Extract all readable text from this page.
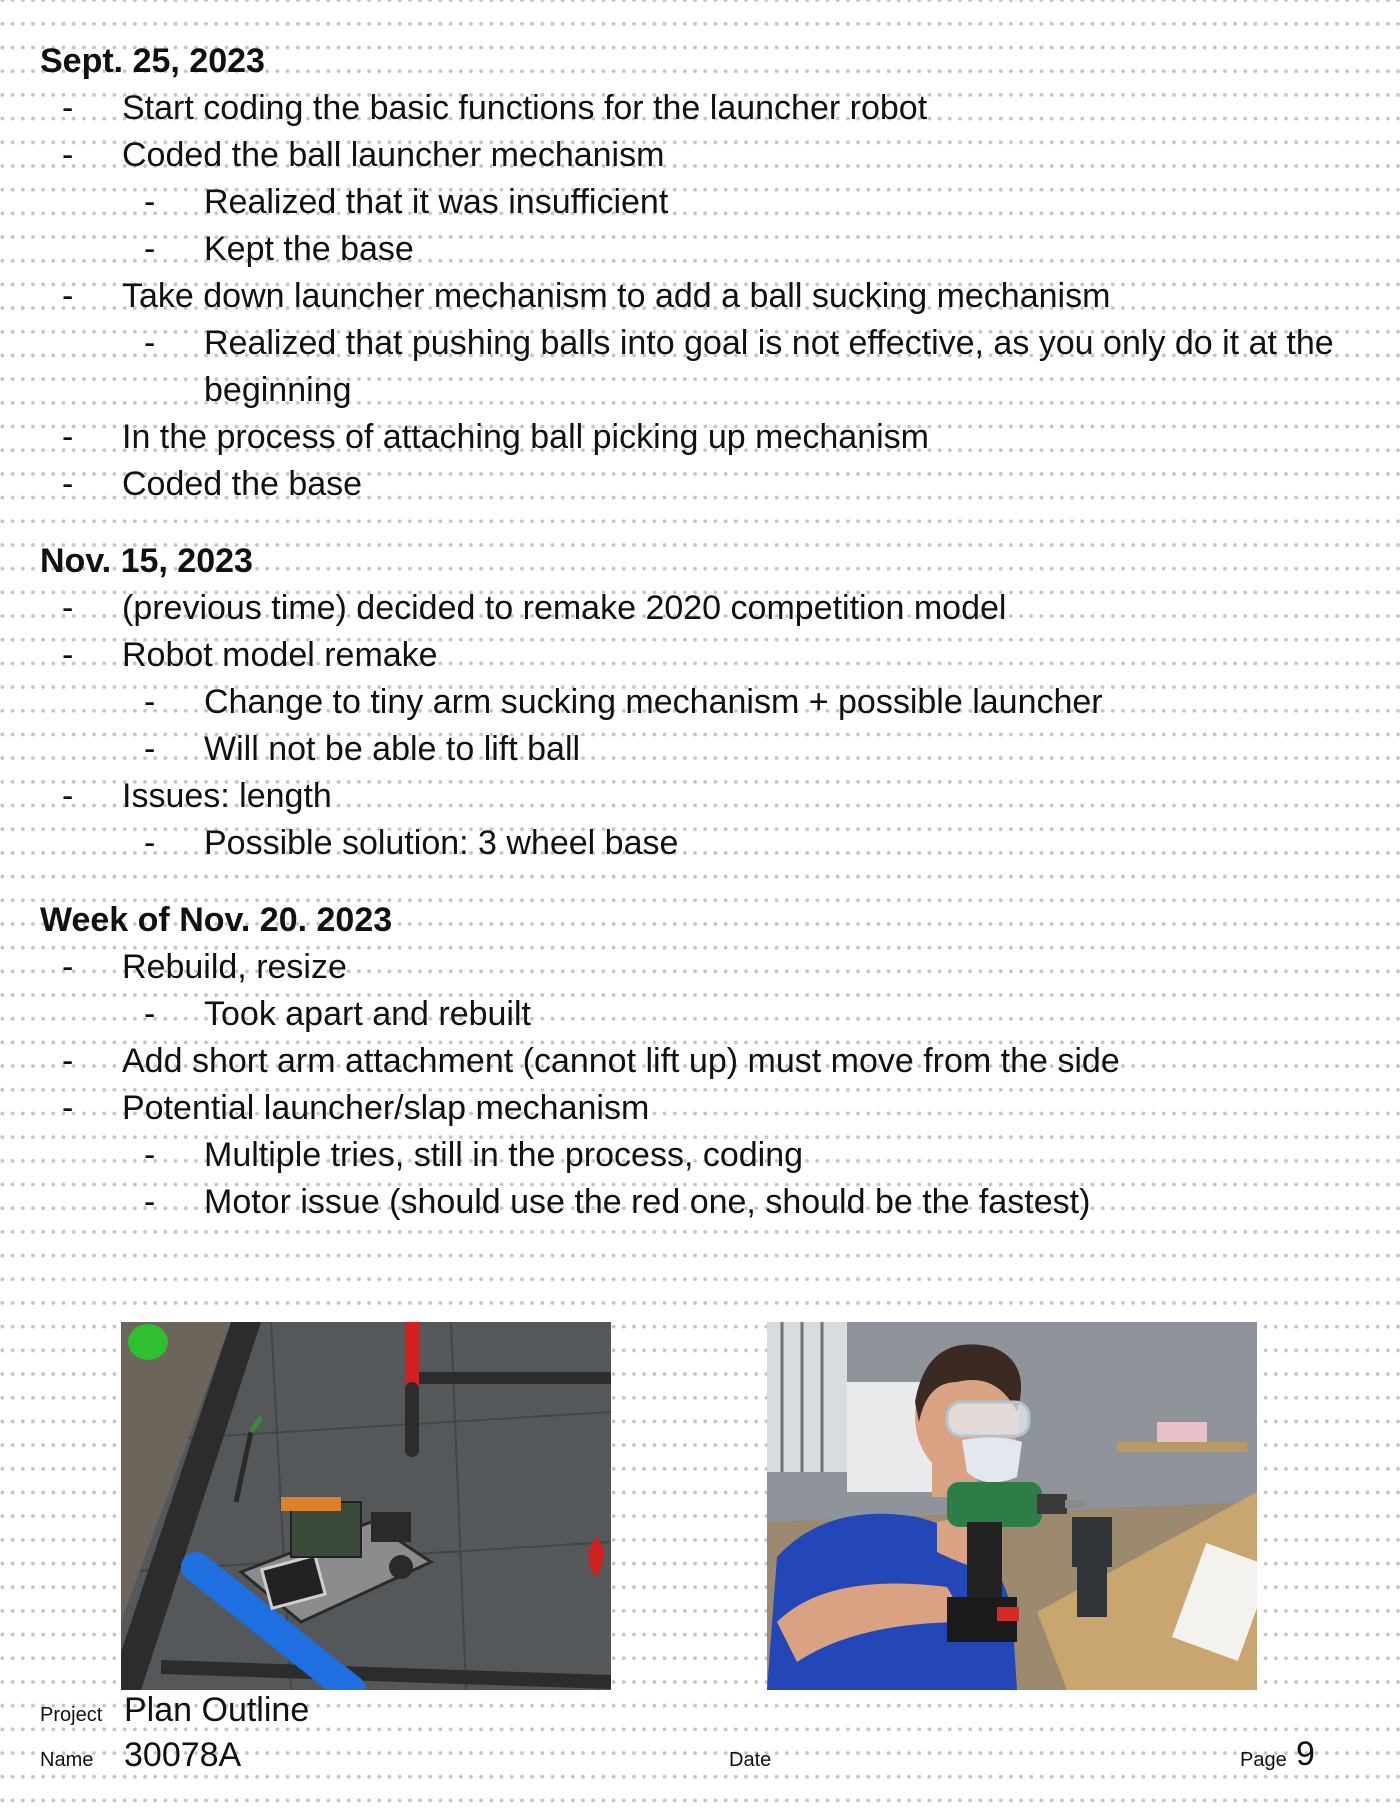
Sept. 25, 2023
- Start coding the basic functions for the launcher robot
- Coded the ball launcher mechanism
- Realized that it was insufficient
- Kept the base
- Take down launcher mechanism to add a ball sucking mechanism
- Realized that pushing balls into goal is not effective, as you only do it at the beginning
- In the process of attaching ball picking up mechanism
- Coded the base
Nov. 15, 2023
- (previous time) decided to remake 2020 competition model
- Robot model remake
- Change to tiny arm sucking mechanism + possible launcher
- Will not be able to lift ball
- Issues: length
- Possible solution: 3 wheel base
Week of Nov. 20. 2023
- Rebuild, resize
- Took apart and rebuilt
- Add short arm attachment (cannot lift up) must move from the side
- Potential launcher/slap mechanism
- Multiple tries, still in the process, coding
- Motor issue (should use the red one, should be the fastest)
Project Plan Outline
Name 30078A	Date	Page 9
